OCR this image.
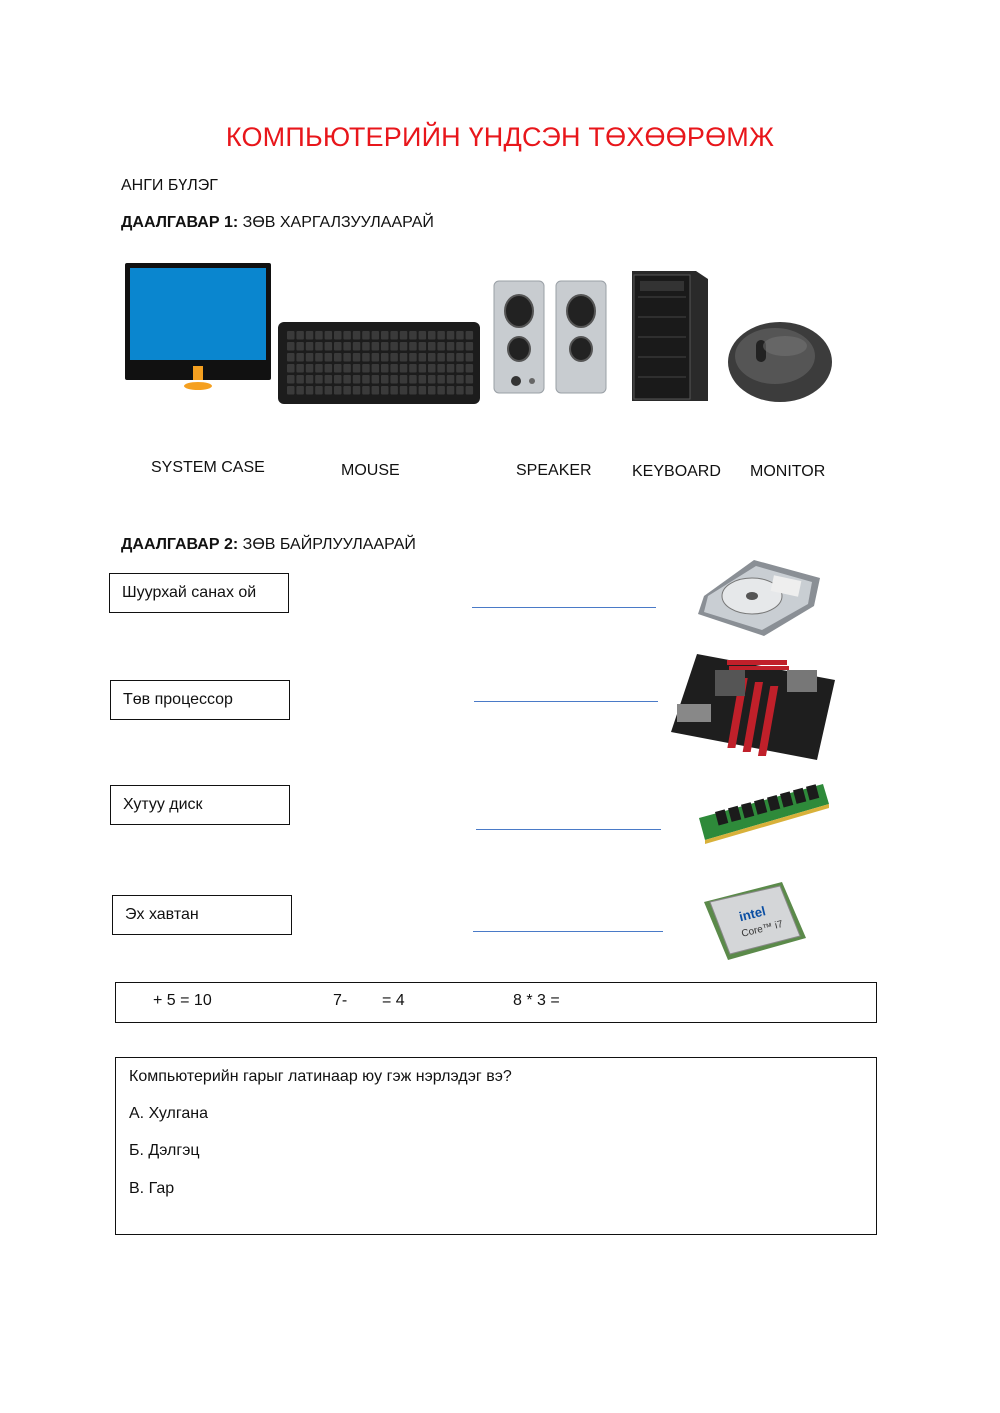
КОМПЬЮТЕРИЙН ҮНДСЭН ТӨХӨӨРӨМЖ
АНГИ БҮЛЭГ
ДААЛГАВАР 1: ЗӨВ ХАРГАЛЗУУЛААРАЙ
SYSTEM CASE	MOUSE	SPEAKER	KEYBOARD MONITOR
ДААЛГАВАР 2: ЗӨВ БАЙРЛУУЛААРАЙ
Шуурхай санах ой
Төв процессор
Хутуу диск
Эх хавтан	intel
Core™ i7
+ 5 = 10	7- = 4	8 * 3 =
Компьютерийн гарыг латинаар юу гэж нэрлэдэг вэ?
А. Хулгана
Б. Дэлгэц
В. Гар
